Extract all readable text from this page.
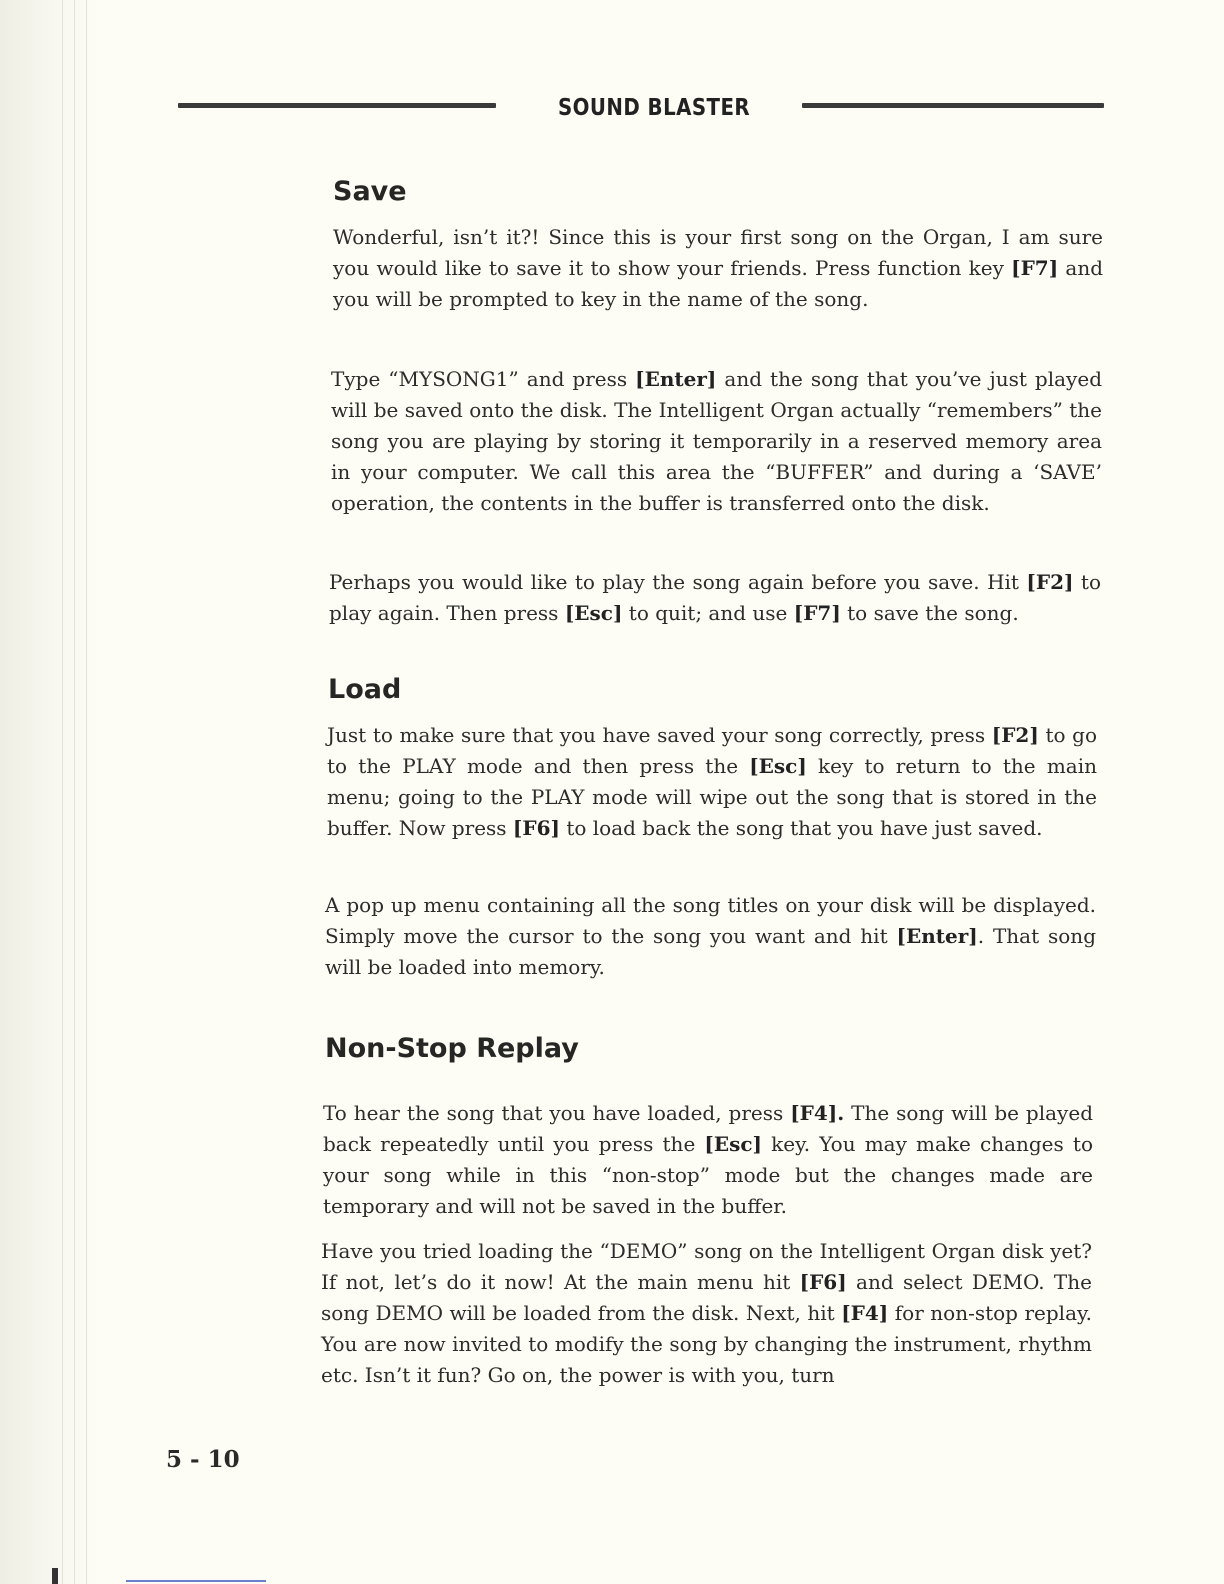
SOUND BLASTER
Save

Wonderful, isn’t it?! Since this is your first song on the Organ, I am sure you would like to save it to show your friends. Press function key [F7] and you will be prompted to key in the name of the song.

Type “MYSONG1” and press [Enter] and the song that you’ve just played will be saved onto the disk. The Intelligent Organ actually “remembers” the song you are playing by storing it temporarily in a reserved memory area in your computer. We call this area the “BUFFER” and during a ‘SAVE’ operation, the contents in the buffer is transferred onto the disk.

Perhaps you would like to play the song again before you save. Hit [F2] to play again. Then press [Esc] to quit; and use [F7] to save the song.

Load

Just to make sure that you have saved your song correctly, press [F2] to go to the PLAY mode and then press the [Esc] key to return to the main menu; going to the PLAY mode will wipe out the song that is stored in the buffer. Now press [F6] to load back the song that you have just saved.

A pop up menu containing all the song titles on your disk will be displayed. Simply move the cursor to the song you want and hit [Enter]. That song will be loaded into memory.

Non-Stop Replay

To hear the song that you have loaded, press [F4]. The song will be played back repeatedly until you press the [Esc] key. You may make changes to your song while in this “non-stop” mode but the changes made are temporary and will not be saved in the buffer.

Have you tried loading the “DEMO” song on the Intelligent Organ disk yet? If not, let’s do it now! At the main menu hit [F6] and select DEMO. The song DEMO will be loaded from the disk. Next, hit [F4] for non-stop replay. You are now invited to modify the song by changing the instrument, rhythm etc. Isn’t it fun? Go on, the power is with you, turn

5 - 10
